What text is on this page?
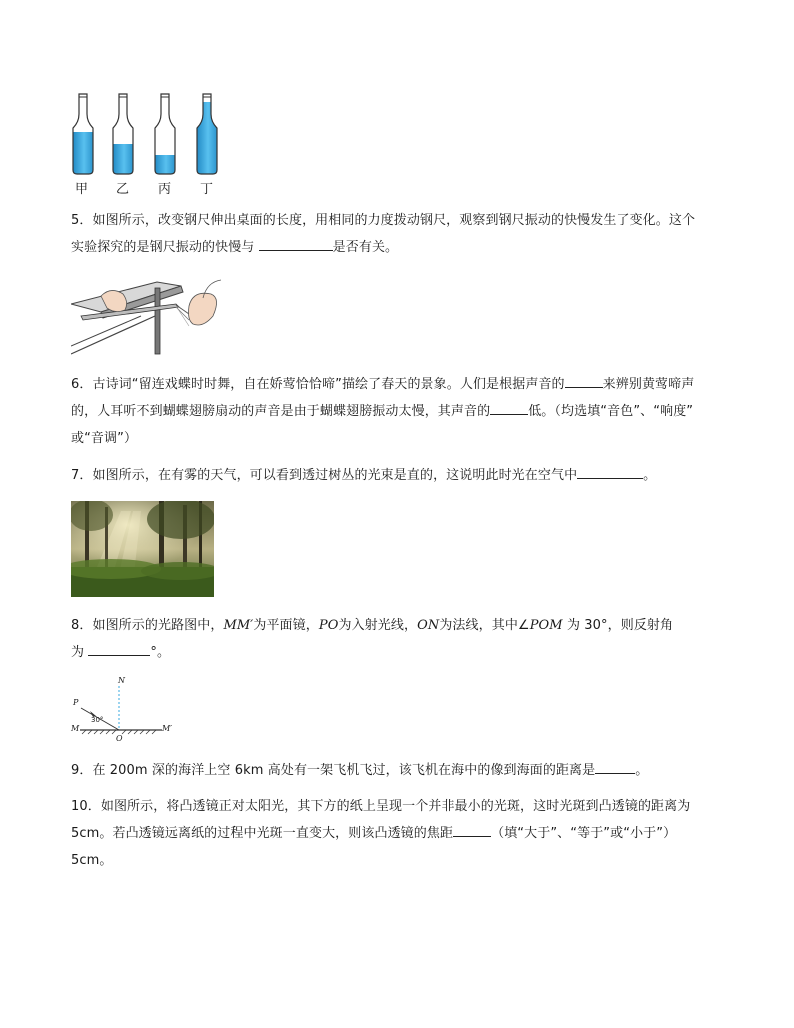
甲 乙 丙 丁
5．如图所示，改变钢尺伸出桌面的长度，用相同的力度拨动钢尺，观察到钢尺振动的快慢发生了变化。这个
实验探究的是钢尺振动的快慢与	是否有关。
6．古诗词“留连戏蝶时时舞，自在娇莺恰恰啼”描绘了春天的景象。人们是根据声音的	来辨别黄莺啼声
的，人耳听不到蝴蝶翅膀扇动的声音是由于蝴蝶翅膀振动太慢，其声音的	低。（均选填“音色”、“响度”
或“音调”）
7．如图所示，在有雾的天气，可以看到透过树丛的光束是直的，这说明此时光在空气中	。
8．如图所示的光路图中，MM′为平面镜，PO为入射光线，ON为法线，其中∠POM 为 30°，则反射角
为	°。
N
P
30°
M
O
M′
9．在 200m 深的海洋上空 6km 高处有一架飞机飞过，该飞机在海中的像到海面的距离是	。
10．如图所示，将凸透镜正对太阳光，其下方的纸上呈现一个并非最小的光斑，这时光斑到凸透镜的距离为
5cm。若凸透镜远离纸的过程中光斑一直变大，则该凸透镜的焦距	（填“大于”、“等于”或“小于”）
5cm。
